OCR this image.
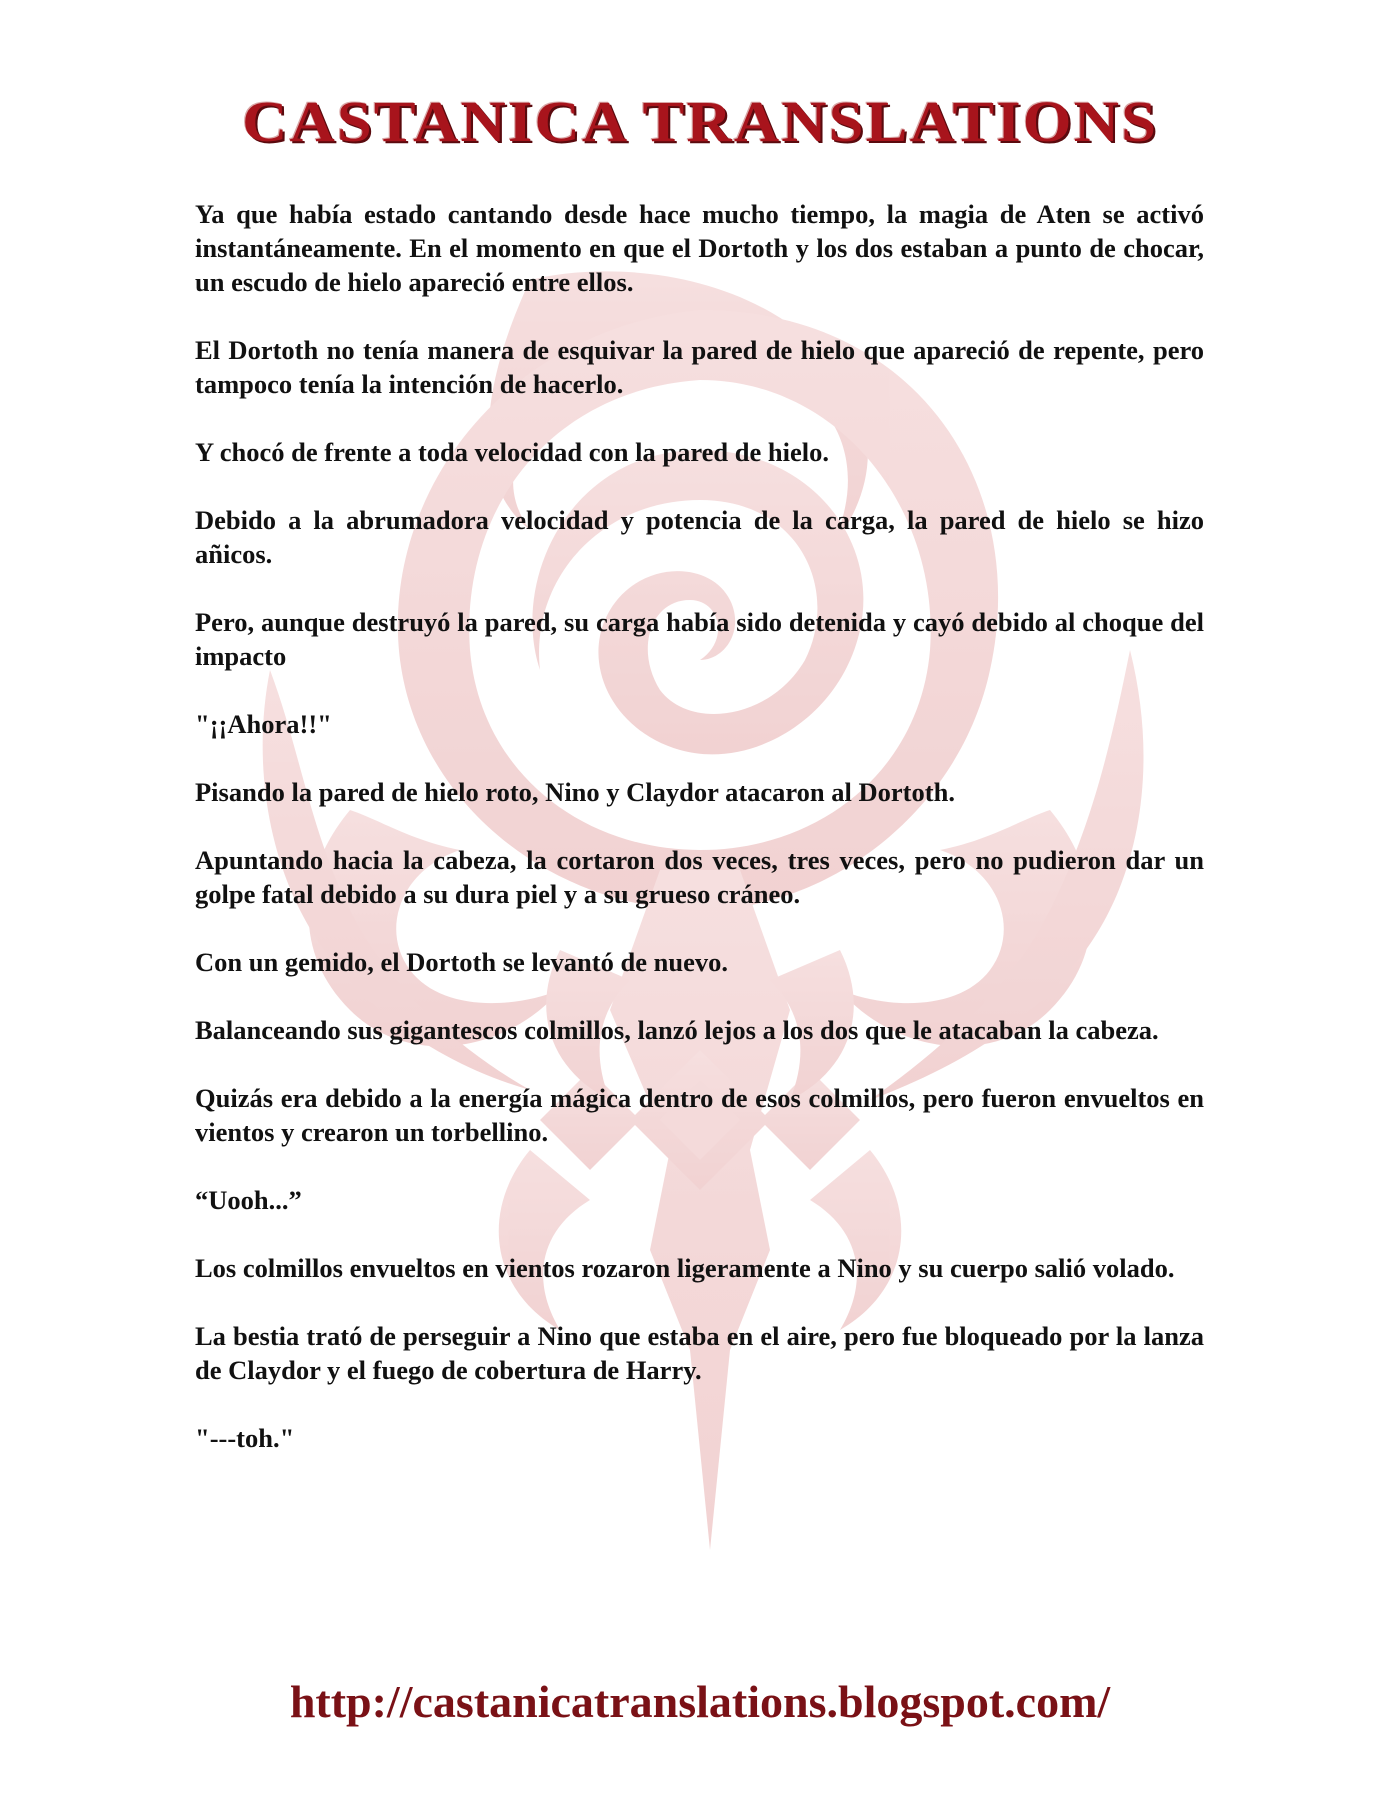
CASTANICA TRANSLATIONS

Ya que había estado cantando desde hace mucho tiempo, la magia de Aten se activó instantáneamente. En el momento en que el Dortoth y los dos estaban a punto de chocar, un escudo de hielo apareció entre ellos.

El Dortoth no tenía manera de esquivar la pared de hielo que apareció de repente, pero tampoco tenía la intención de hacerlo.

Y chocó de frente a toda velocidad con la pared de hielo.

Debido a la abrumadora velocidad y potencia de la carga, la pared de hielo se hizo añicos.

Pero, aunque destruyó la pared, su carga había sido detenida y cayó debido al choque del impacto

"¡¡Ahora!!"

Pisando la pared de hielo roto, Nino y Claydor atacaron al Dortoth.

Apuntando hacia la cabeza, la cortaron dos veces, tres veces, pero no pudieron dar un golpe fatal debido a su dura piel y a su grueso cráneo.

Con un gemido, el Dortoth se levantó de nuevo.

Balanceando sus gigantescos colmillos, lanzó lejos a los dos que le atacaban la cabeza.

Quizás era debido a la energía mágica dentro de esos colmillos, pero fueron envueltos en vientos y crearon un torbellino.

“Uooh...”

Los colmillos envueltos en vientos rozaron ligeramente a Nino y su cuerpo salió volado.

La bestia trató de perseguir a Nino que estaba en el aire, pero fue bloqueado por la lanza de Claydor y el fuego de cobertura de Harry.

"---toh."

http://castanicatranslations.blogspot.com/
